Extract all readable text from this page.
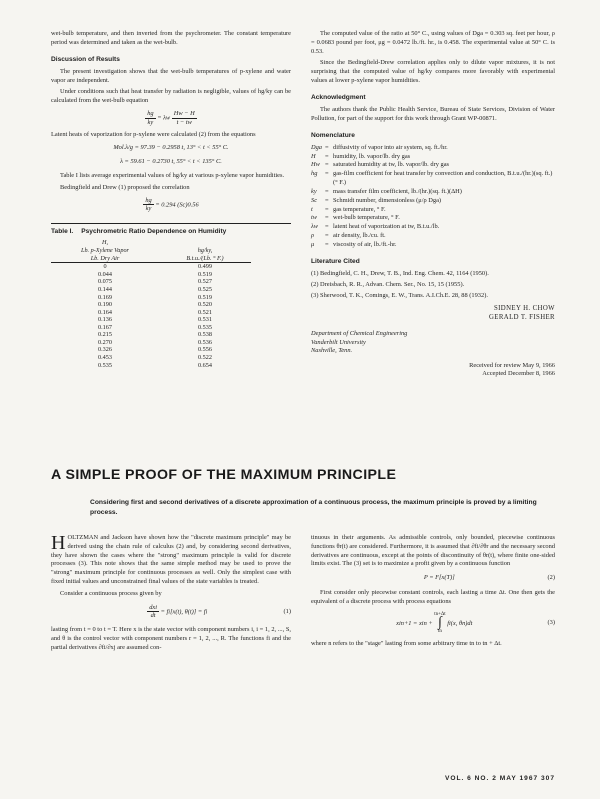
wet-bulb temperature, and then inverted from the psychrometer. The constant temperature period was determined and taken as the wet-bulb.

Discussion of Results

The present investigation shows that the wet-bulb temperatures of p-xylene and water vapor are independent.

Under conditions such that heat transfer by radiation is negligible, values of hg/ky can be calculated from the wet-bulb equation

$\frac{hg}{ky} = \lambda w \frac{Hw - H}{t - tw}$

Latent heats of vaporization for p-xylene were calculated (2) from the equations

Mol.λ/g = 97.39 − 0.2958 t, 13° < t < 55° C.
λ = 59.61 − 0.2730 t, 55° < t < 135° C.

Table I lists average experimental values of hg/ky at various p-xylene vapor humidities.

Bedingfield and Drew (1) proposed the correlation

$\frac{hg}{ky} = 0.294$ (Sc)0.56
Table I. Psychrometric Ratio Dependence on Humidity
H,	
Lb. p-Xylene Vapor	hg/ky,
Lb. Dry Air	B.t.u./(Lb. ° F.)
0	0.499
0.044	0.519
0.075	0.527
0.144	0.525
0.169	0.519
0.190	0.520
0.164	0.521
0.136	0.531
0.167	0.535
0.215	0.538
0.270	0.536
0.326	0.556
0.453	0.522
0.535	0.654

The computed value of the ratio at 50° C., using values of Dga = 0.303 sq. feet per hour, ρ = 0.0683 pound per foot, μg = 0.0472 lb./ft. hr., is 0.458. The experimental value at 50° C. is 0.53.

Since the Bedingfield-Drew correlation applies only to dilute vapor mixtures, it is not surprising that the computed value of hg/ky compares more favorably with experimental values at lower p-xylene vapor humidities.

Acknowledgment

The authors thank the Public Health Service, Bureau of State Services, Division of Water Pollution, for part of the support for this work through Grant WP-00871.

Nomenclature
Dga = diffusivity of vapor into air system, sq. ft./hr.
H	= humidity, lb. vapor/lb. dry gas
Hw = saturated humidity at tw, lb. vapor/lb. dry gas
hg	= gas-film coefficient for heat transfer by convection and conduction, B.t.u./(hr.)(sq. ft.)(° F.)
ky	= mass transfer film coefficient, lb./(hr.)(sq. ft.)(ΔH)
Sc	= Schmidt number, dimensionless (μ/ρ Dga)
t	= gas temperature, ° F.
tw	= wet-bulb temperature, ° F.
λw	= latent heat of vaporization at tw, B.t.u./lb.
ρ	= air density, lb./cu. ft.
μ	= viscosity of air, lb./ft.-hr.
Literature Cited

(1) Bedingfield, C. H., Drew, T. B., Ind. Eng. Chem. 42, 1164 (1950).

(2) Dreisbach, R. R., Advan. Chem. Ser., No. 15, 15 (1955).

(3) Sherwood, T. K., Comings, E. W., Trans. A.I.Ch.E. 28, 88 (1932).

SIDNEY H. CHOW
GERALD T. FISHER
Department of Chemical Engineering
Vanderbilt University
Nashville, Tenn.
Received for review May 9, 1966
Accepted December 8, 1966
A SIMPLE PROOF OF THE MAXIMUM PRINCIPLE

Considering first and second derivatives of a discrete approximation of a continuous process, the maximum principle is proved by a limiting process.

HOLTZMAN and Jackson have shown how the "discrete maximum principle" may be derived using the chain rule of calculus (2) and, by considering second derivatives, they have shown the cases where the "strong" maximum principle is valid for discrete processes (3). This note shows that the same simple method may be used to prove the "strong" maximum principle for continuous processes as well. Only the simplest case with fixed initial values and unconstrained final values of the state variables is treated.

Consider a continuous process given by

$\frac{\text{dxi}}{dt} = fi[x(t)$, θ(t)] = fi	(1)

lasting from t = 0 to t = T. Here x is the state vector with component numbers i, i = 1, 2, ..., S, and θ is the control vector with component numbers r = 1, 2, ..., R. The functions fi and the partial derivatives ∂fi/∂xj are assumed con-

tinuous in their arguments. As admissible controls, only bounded, piecewise continuous functions θr(t) are considered. Furthermore, it is assumed that ∂fi/∂θr and the necessary second derivatives are continuous, except at the points of discontinuity of θr(t), where finite one-sided limits exist. The (3) set is to maximize a profit given by a continuous function

P = F[x(T)]	(2)

First consider only piecewise constant controls, each lasting a time Δt. One then gets the equivalent of a discrete process with process equations

xin+1 = xin +
tn+Δt
∫
tn
fi(x, θn)dt	(3)

where n refers to the "stage" lasting from some arbitrary time tn to tn + Δt.

VOL. 6 NO. 2 MAY 1967 307
